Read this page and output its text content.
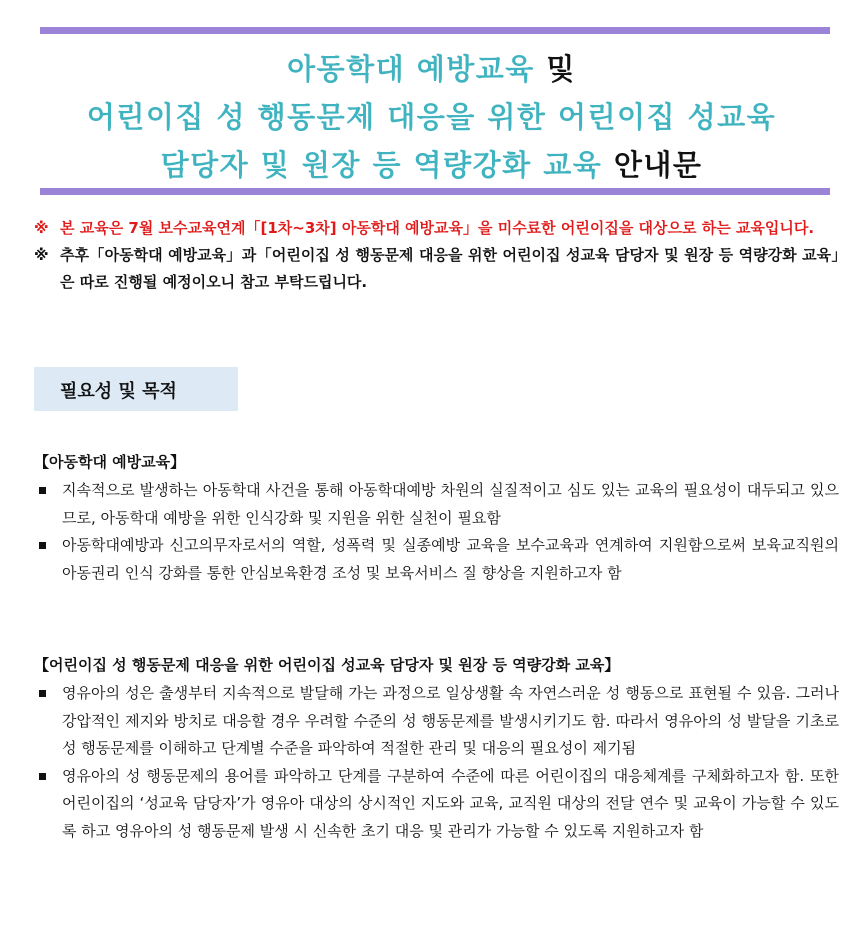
아동학대 예방교육 및
어린이집 성 행동문제 대응을 위한 어린이집 성교육
담당자 및 원장 등 역량강화 교육 안내문
※ 본 교육은 7월 보수교육연계「[1차~3차] 아동학대 예방교육」을 미수료한 어린이집을 대상으로 하는 교육입니다.
※ 추후「아동학대 예방교육」과「어린이집 성 행동문제 대응을 위한 어린이집 성교육 담당자 및 원장 등 역량강화 교육」은 따로 진행될 예정이오니 참고 부탁드립니다.
필요성 및 목적
【아동학대 예방교육】
지속적으로 발생하는 아동학대 사건을 통해 아동학대예방 차원의 실질적이고 심도 있는 교육의 필요성이 대두되고 있으므로, 아동학대 예방을 위한 인식강화 및 지원을 위한 실천이 필요함
아동학대예방과 신고의무자로서의 역할, 성폭력 및 실종예방 교육을 보수교육과 연계하여 지원함으로써 보육교직원의 아동권리 인식 강화를 통한 안심보육환경 조성 및 보육서비스 질 향상을 지원하고자 함
【어린이집 성 행동문제 대응을 위한 어린이집 성교육 담당자 및 원장 등 역량강화 교육】
영유아의 성은 출생부터 지속적으로 발달해 가는 과정으로 일상생활 속 자연스러운 성 행동으로 표현될 수 있음. 그러나 강압적인 제지와 방치로 대응할 경우 우려할 수준의 성 행동문제를 발생시키기도 함. 따라서 영유아의 성 발달을 기초로 성 행동문제를 이해하고 단계별 수준을 파악하여 적절한 관리 및 대응의 필요성이 제기됨
영유아의 성 행동문제의 용어를 파악하고 단계를 구분하여 수준에 따른 어린이집의 대응체계를 구체화하고자 함. 또한 어린이집의 ‘성교육 담당자’가 영유아 대상의 상시적인 지도와 교육, 교직원 대상의 전달 연수 및 교육이 가능할 수 있도록 하고 영유아의 성 행동문제 발생 시 신속한 초기 대응 및 관리가 가능할 수 있도록 지원하고자 함
